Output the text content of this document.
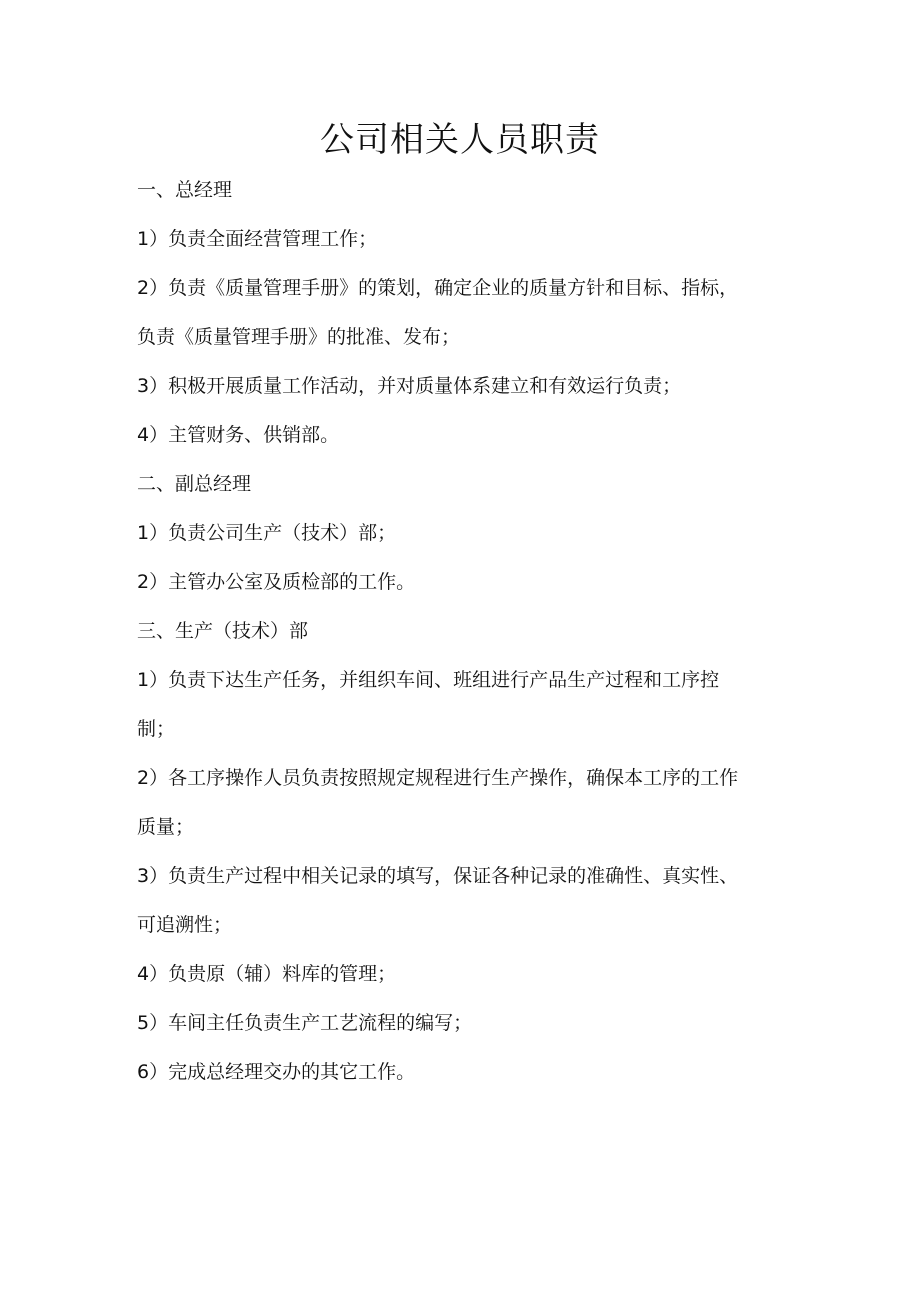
公司相关人员职责

一、总经理

1）负责全面经营管理工作；

2）负责《质量管理手册》的策划，确定企业的质量方针和目标、指标，

负责《质量管理手册》的批准、发布；

3）积极开展质量工作活动，并对质量体系建立和有效运行负责；

4）主管财务、供销部。

二、副总经理

1）负责公司生产（技术）部；

2）主管办公室及质检部的工作。

三、生产（技术）部

1）负责下达生产任务，并组织车间、班组进行产品生产过程和工序控

制；

2）各工序操作人员负责按照规定规程进行生产操作，确保本工序的工作

质量；

3）负责生产过程中相关记录的填写，保证各种记录的准确性、真实性、

可追溯性；

4）负贵原（辅）料库的管理；

5）车间主任负责生产工艺流程的编写；

6）完成总经理交办的其它工作。
